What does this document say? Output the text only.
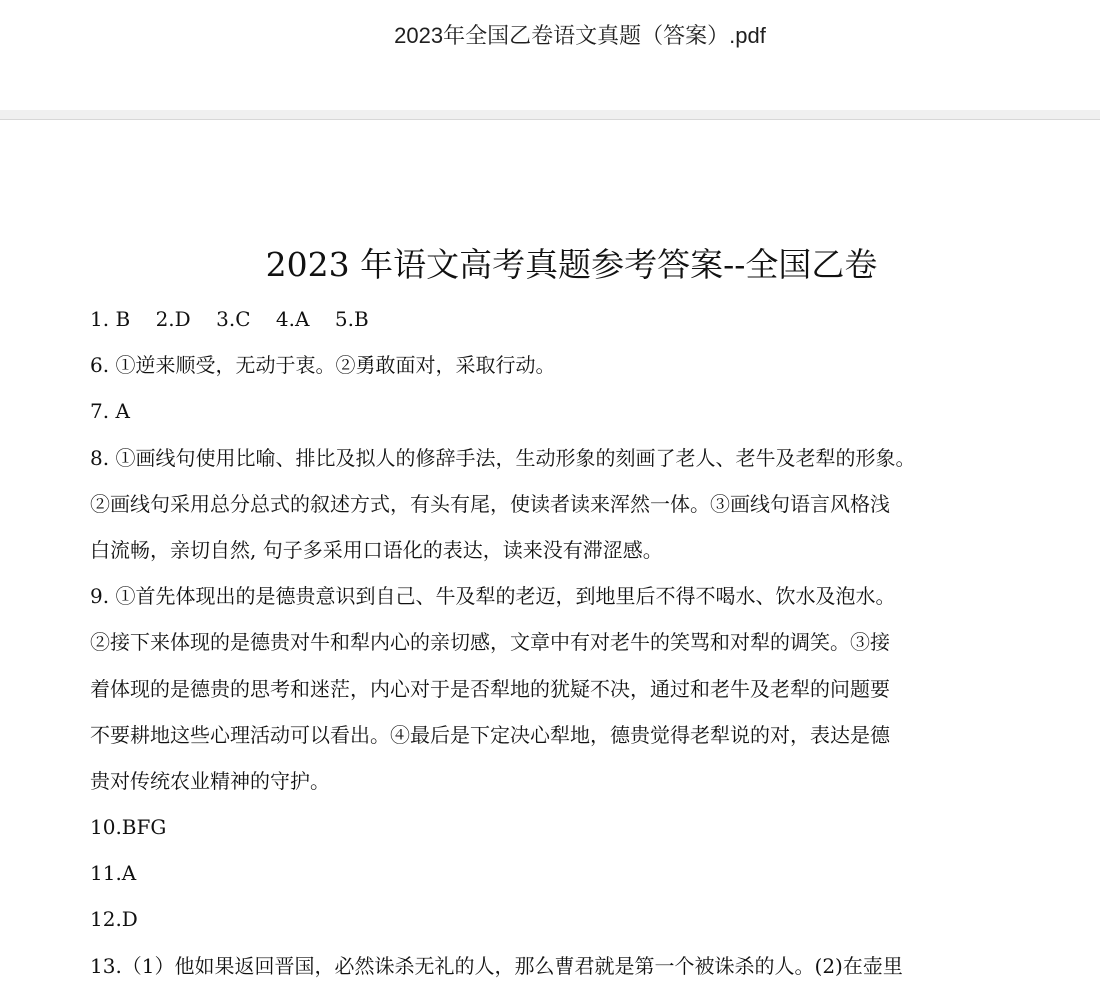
2023年全国乙卷语文真题（答案）.pdf
2023 年语文高考真题参考答案--全国乙卷
1. B    2.D    3.C    4.A    5.B
6. ①逆来顺受，无动于衷。②勇敢面对，采取行动。
7. A
8. ①画线句使用比喻、排比及拟人的修辞手法，生动形象的刻画了老人、老牛及老犁的形象。
②画线句采用总分总式的叙述方式，有头有尾，使读者读来浑然一体。③画线句语言风格浅
白流畅，亲切自然, 句子多采用口语化的表达，读来没有滞涩感。
9. ①首先体现出的是德贵意识到自己、牛及犁的老迈，到地里后不得不喝水、饮水及泡水。
②接下来体现的是德贵对牛和犁内心的亲切感，文章中有对老牛的笑骂和对犁的调笑。③接
着体现的是德贵的思考和迷茫，内心对于是否犁地的犹疑不决，通过和老牛及老犁的问题要
不要耕地这些心理活动可以看出。④最后是下定决心犁地，德贵觉得老犁说的对，表达是德
贵对传统农业精神的守护。
10.BFG
11.A
12.D
13.（1）他如果返回晋国，必然诛杀无礼的人，那么曹君就是第一个被诛杀的人。(2)在壶里
